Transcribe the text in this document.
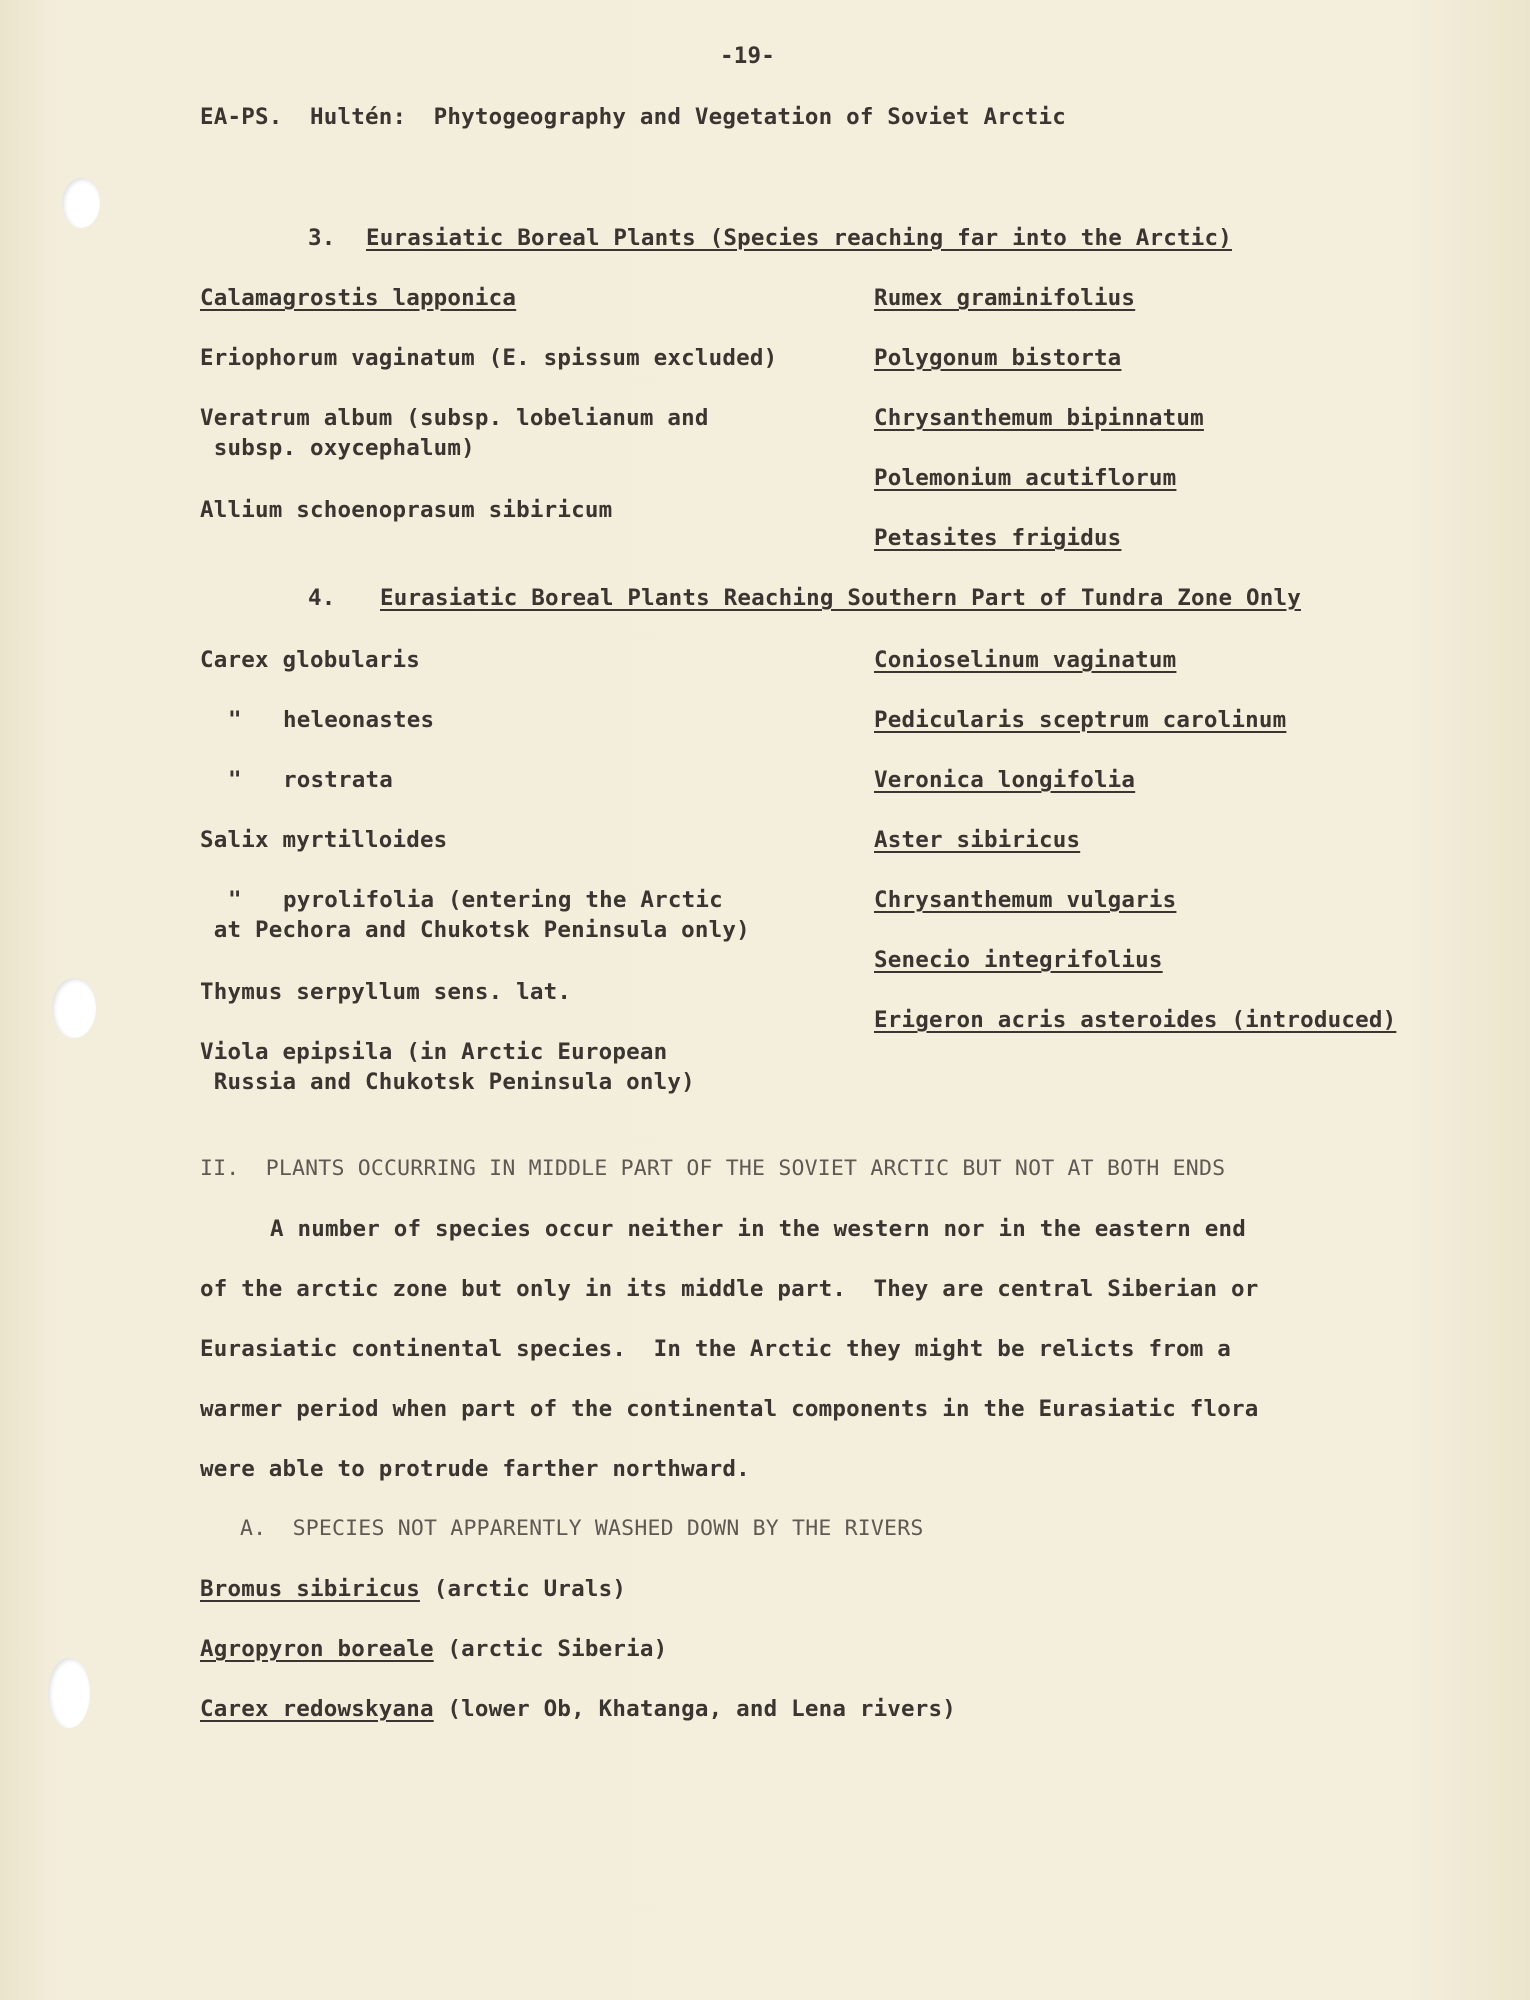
-19-
EA-PS.  Hultén:  Phytogeography and Vegetation of Soviet Arctic
3. Eurasiatic Boreal Plants (Species reaching far into the Arctic)
Calamagrostis lapponica
Eriophorum vaginatum (E. spissum excluded)
Veratrum album (subsp. lobelianum and
subsp. oxycephalum)
Allium schoenoprasum sibiricum
Rumex graminifolius
Polygonum bistorta
Chrysanthemum bipinnatum
Polemonium acutiflorum
Petasites frigidus
4. Eurasiatic Boreal Plants Reaching Southern Part of Tundra Zone Only
Carex globularis
"   heleonastes
"   rostrata
Salix myrtilloides
"   pyrolifolia (entering the Arctic
at Pechora and Chukotsk Peninsula only)
Thymus serpyllum sens. lat.
Viola epipsila (in Arctic European
Russia and Chukotsk Peninsula only)
Conioselinum vaginatum
Pedicularis sceptrum carolinum
Veronica longifolia
Aster sibiricus
Chrysanthemum vulgaris
Senecio integrifolius
Erigeron acris asteroides (introduced)
II.  PLANTS OCCURRING IN MIDDLE PART OF THE SOVIET ARCTIC BUT NOT AT BOTH ENDS
A number of species occur neither in the western nor in the eastern end
of the arctic zone but only in its middle part.  They are central Siberian or
Eurasiatic continental species.  In the Arctic they might be relicts from a
warmer period when part of the continental components in the Eurasiatic flora
were able to protrude farther northward.
A.  SPECIES NOT APPARENTLY WASHED DOWN BY THE RIVERS
Bromus sibiricus (arctic Urals)
Agropyron boreale (arctic Siberia)
Carex redowskyana (lower Ob, Khatanga, and Lena rivers)
